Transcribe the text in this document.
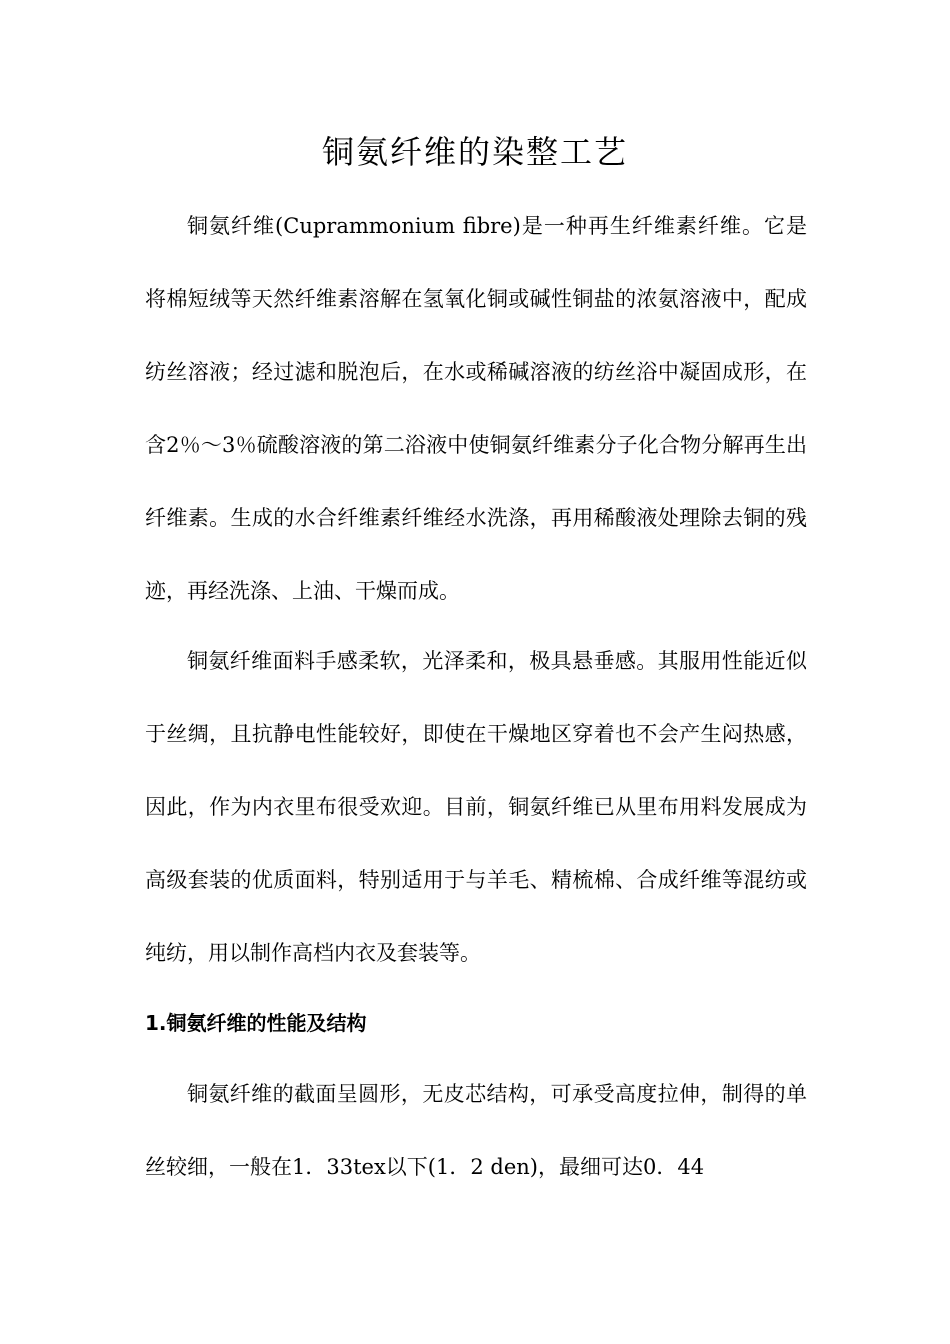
铜氨纤维的染整工艺

铜氨纤维(Cuprammonium fibre)是一种再生纤维素纤维。它是将棉短绒等天然纤维素溶解在氢氧化铜或碱性铜盐的浓氨溶液中，配成纺丝溶液；经过滤和脱泡后，在水或稀碱溶液的纺丝浴中凝固成形，在含2％～3％硫酸溶液的第二浴液中使铜氨纤维素分子化合物分解再生出纤维素。生成的水合纤维素纤维经水洗涤，再用稀酸液处理除去铜的残迹，再经洗涤、上油、干燥而成。

铜氨纤维面料手感柔软，光泽柔和，极具悬垂感。其服用性能近似于丝绸，且抗静电性能较好，即使在干燥地区穿着也不会产生闷热感，因此，作为内衣里布很受欢迎。目前，铜氨纤维已从里布用料发展成为高级套装的优质面料，特别适用于与羊毛、精梳棉、合成纤维等混纺或纯纺，用以制作高档内衣及套装等。

1.铜氨纤维的性能及结构

铜氨纤维的截面呈圆形，无皮芯结构，可承受高度拉伸，制得的单丝较细，一般在1．33tex以下(1．2 den)，最细可达0．44
